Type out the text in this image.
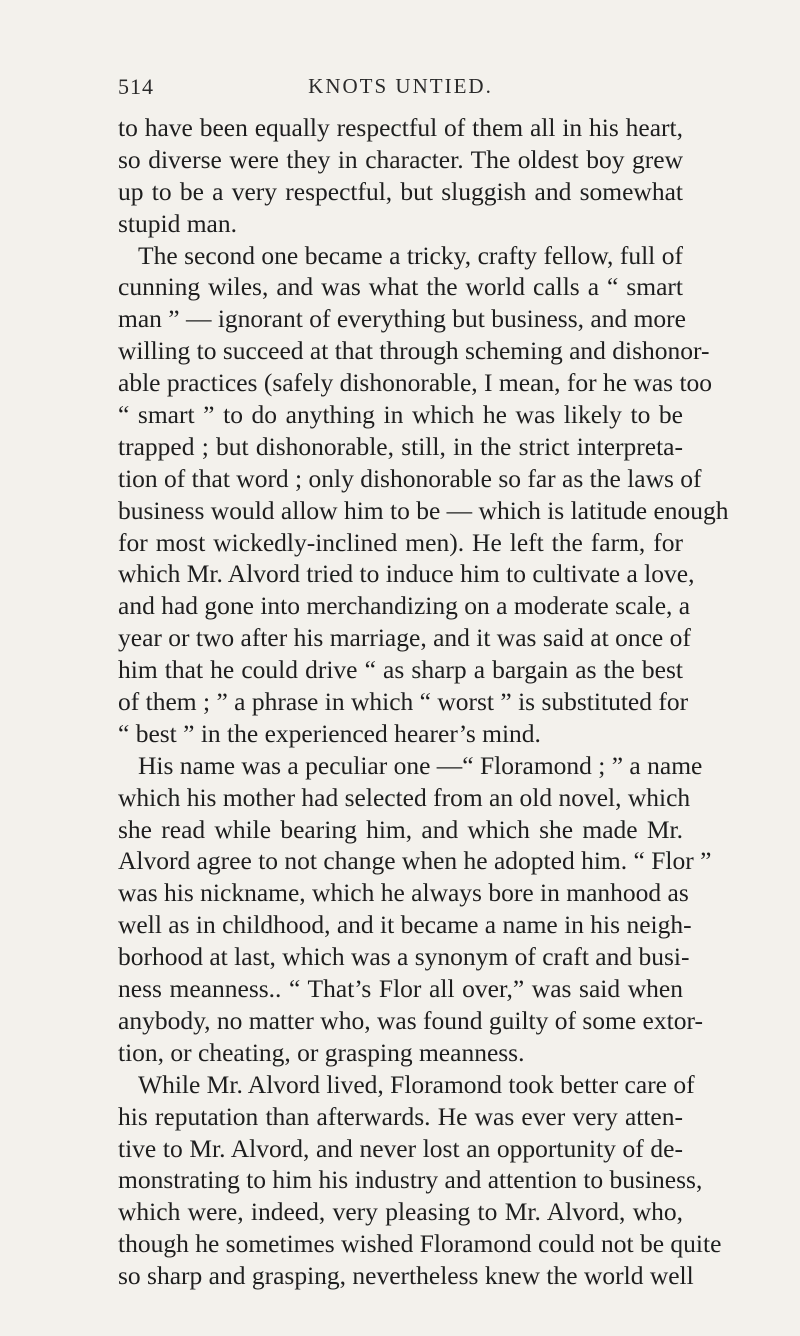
514	KNOTS UNTIED.
to have been equally respectful of them all in his heart,
so diverse were they in character. The oldest boy grew
up to be a very respectful, but sluggish and somewhat
stupid man.
The second one became a tricky, crafty fellow, full of
cunning wiles, and was what the world calls a “ smart
man ” — ignorant of everything but business, and more
willing to succeed at that through scheming and dishonor-
able practices (safely dishonorable, I mean, for he was too
“ smart ” to do anything in which he was likely to be
trapped ; but dishonorable, still, in the strict interpreta-
tion of that word ; only dishonorable so far as the laws of
business would allow him to be — which is latitude enough
for most wickedly-inclined men). He left the farm, for
which Mr. Alvord tried to induce him to cultivate a love,
and had gone into merchandizing on a moderate scale, a
year or two after his marriage, and it was said at once of
him that he could drive “ as sharp a bargain as the best
of them ; ” a phrase in which “ worst ” is substituted for
“ best ” in the experienced hearer’s mind.
His name was a peculiar one —“ Floramond ; ” a name
which his mother had selected from an old novel, which
she read while bearing him, and which she made Mr.
Alvord agree to not change when he adopted him. “ Flor ”
was his nickname, which he always bore in manhood as
well as in childhood, and it became a name in his neigh-
borhood at last, which was a synonym of craft and busi-
ness meanness.. “ That’s Flor all over,” was said when
anybody, no matter who, was found guilty of some extor-
tion, or cheating, or grasping meanness.
While Mr. Alvord lived, Floramond took better care of
his reputation than afterwards. He was ever very atten-
tive to Mr. Alvord, and never lost an opportunity of de-
monstrating to him his industry and attention to business,
which were, indeed, very pleasing to Mr. Alvord, who,
though he sometimes wished Floramond could not be quite
so sharp and grasping, nevertheless knew the world well
